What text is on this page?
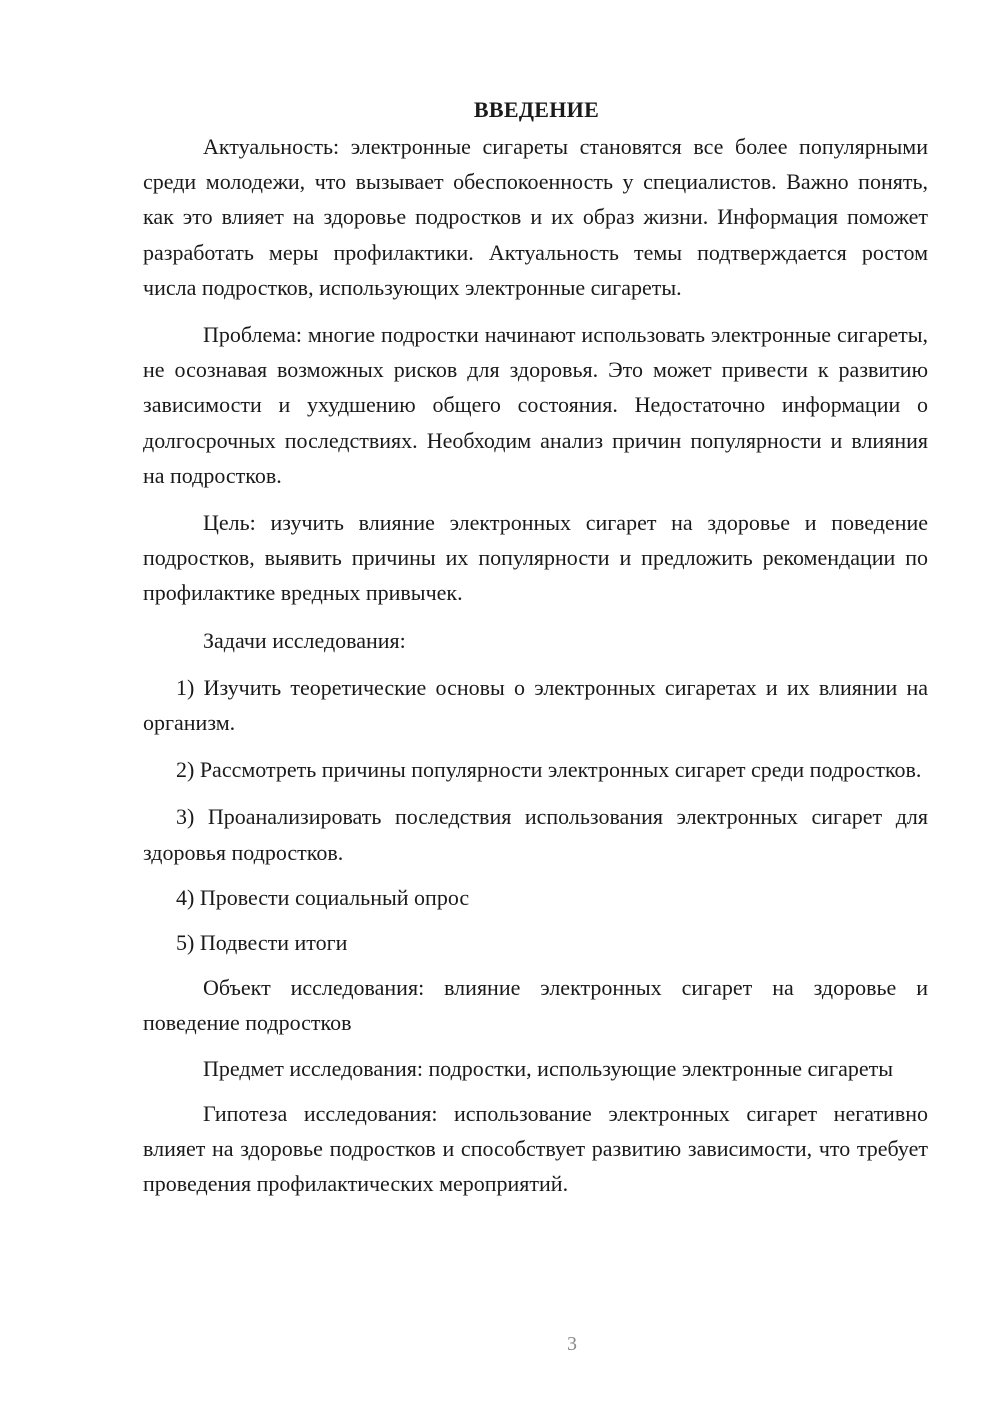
ВВЕДЕНИЕ

Актуальность: электронные сигареты становятся все более популярными среди молодежи, что вызывает обеспокоенность у специалистов. Важно понять, как это влияет на здоровье подростков и их образ жизни. Информация поможет разработать меры профилактики. Актуальность темы подтверждается ростом числа подростков, использующих электронные сигареты.

Проблема: многие подростки начинают использовать электронные сигареты, не осознавая возможных рисков для здоровья. Это может привести к развитию зависимости и ухудшению общего состояния. Недостаточно информации о долгосрочных последствиях. Необходим анализ причин популярности и влияния на подростков.

Цель: изучить влияние электронных сигарет на здоровье и поведение подростков, выявить причины их популярности и предложить рекомендации по профилактике вредных привычек.

Задачи исследования:

1) Изучить теоретические основы о электронных сигаретах и их влиянии на организм.

2) Рассмотреть причины популярности электронных сигарет среди подростков.

3) Проанализировать последствия использования электронных сигарет для здоровья подростков.

4) Провести социальный опрос

5) Подвести итоги

Объект исследования: влияние электронных сигарет на здоровье и поведение подростков

Предмет исследования: подростки, использующие электронные сигареты

Гипотеза исследования: использование электронных сигарет негативно влияет на здоровье подростков и способствует развитию зависимости, что требует проведения профилактических мероприятий.

3
